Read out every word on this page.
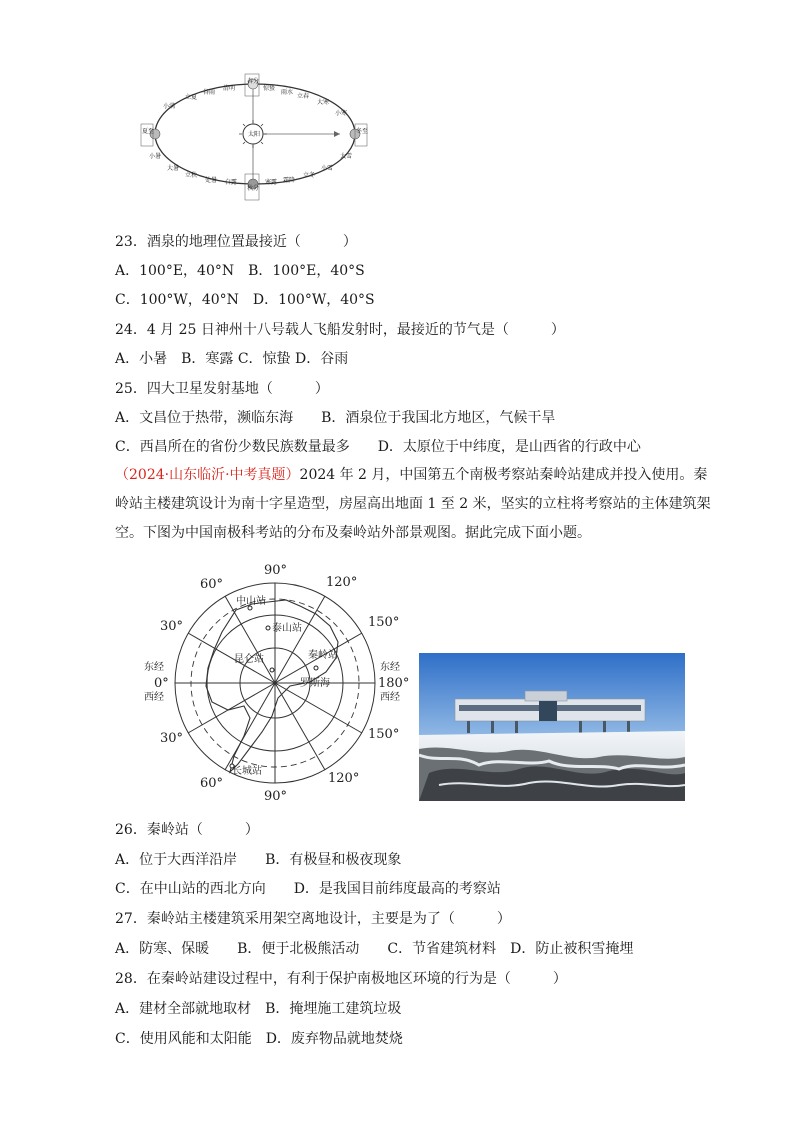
太阳
春分
秋分
夏至	冬至
惊蛰
雨水
立春
大寒
小寒
清明
谷雨
立夏
小满
寒露 霜降
立冬
小雪
大雪
白露
处暑
立秋
大暑
小暑
23．酒泉的地理位置最接近（　　　）
A．100°E，40°N　B．100°E，40°S
C．100°W，40°N　D．100°W，40°S
24．4 月 25 日神州十八号载人飞船发射时，最接近的节气是（　　　）
A．小暑　B．寒露 C．惊蛰 D．谷雨
25．四大卫星发射基地（　　　）
A．文昌位于热带，濒临东海　　B．酒泉位于我国北方地区，气候干旱
C．西昌所在的省份少数民族数量最多　　D．太原位于中纬度，是山西省的行政中心
（2024·山东临沂·中考真题）2024 年 2 月，中国第五个南极考察站秦岭站建成并投入使用。秦岭站主楼建筑设计为南十字星造型，房屋高出地面 1 至 2 米，坚实的立柱将考察站的主体建筑架空。下图为中国南极科考站的分布及秦岭站外部景观图。据此完成下面小题。
90°
120°
150°
180°
150°
120°
90°
60°
30°
0°
30°
60°
东经
西经
东经
西经
中山站
泰山站
昆仑站	秦岭站
罗斯海
长城站
26．秦岭站（　　　）
A．位于大西洋沿岸　　B．有极昼和极夜现象
C．在中山站的西北方向　　D．是我国目前纬度最高的考察站
27．秦岭站主楼建筑采用架空离地设计，主要是为了（　　　）
A．防寒、保暖　　B．便于北极熊活动　　C．节省建筑材料　D．防止被积雪掩埋
28．在秦岭站建设过程中，有利于保护南极地区环境的行为是（　　　）
A．建材全部就地取材　B．掩埋施工建筑垃圾
C．使用风能和太阳能　D．废弃物品就地焚烧
